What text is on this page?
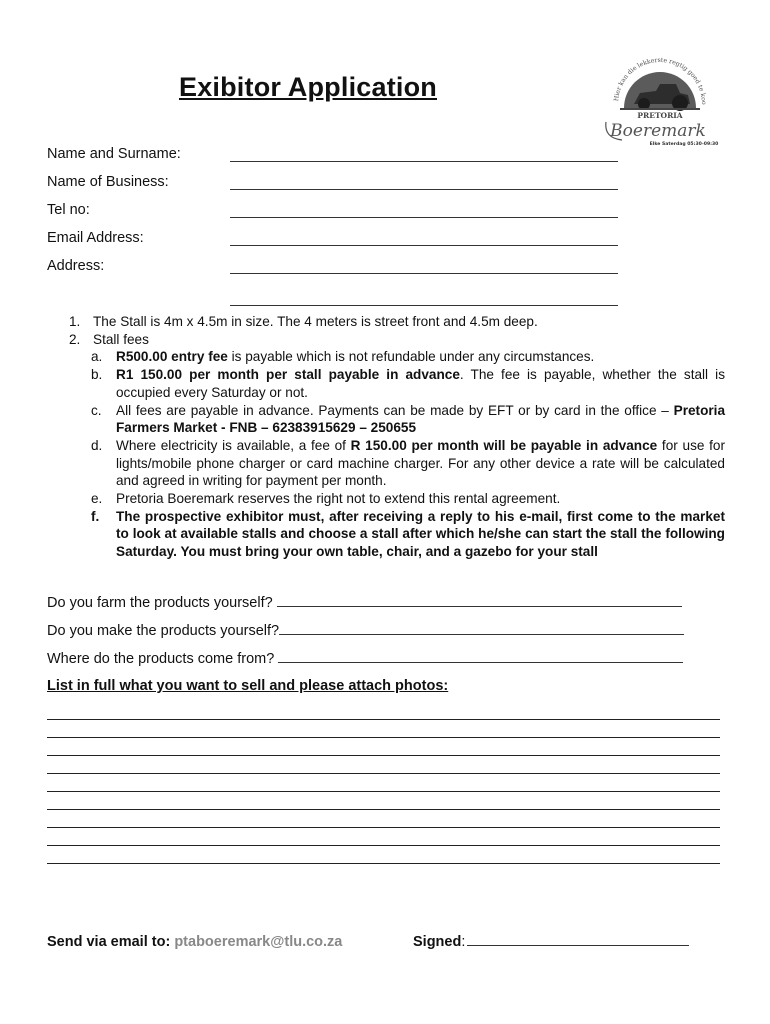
Exibitor Application	Hier kan die lekkerste regtig goed te koo
PRETORIA
Boeremark
Elke Saterdag 05:30-09:30
Name and Surname:
Name of Business:
Tel no:
Email Address:
Address:
1. The Stall is 4m x 4.5m in size. The 4 meters is street front and 4.5m deep.
2. Stall fees
a. R500.00 entry fee is payable which is not refundable under any circumstances.
b. R1 150.00 per month per stall payable in advance. The fee is payable, whether the stall is occupied every Saturday or not.
c. All fees are payable in advance. Payments can be made by EFT or by card in the office – Pretoria Farmers Market - FNB – 62383915629 – 250655
d. Where electricity is available, a fee of R 150.00 per month will be payable in advance for use for lights/mobile phone charger or card machine charger. For any other device a rate will be calculated and agreed in writing for payment per month.
e. Pretoria Boeremark reserves the right not to extend this rental agreement.
f. The prospective exhibitor must, after receiving a reply to his e-mail, first come to the market to look at available stalls and choose a stall after which he/she can start the stall the following Saturday. You must bring your own table, chair, and a gazebo for your stall
Do you farm the products yourself?
Do you make the products yourself?
Where do the products come from?
List in full what you want to sell and please attach photos:
Send via email to: ptaboeremark@tlu.co.za	Signed:
